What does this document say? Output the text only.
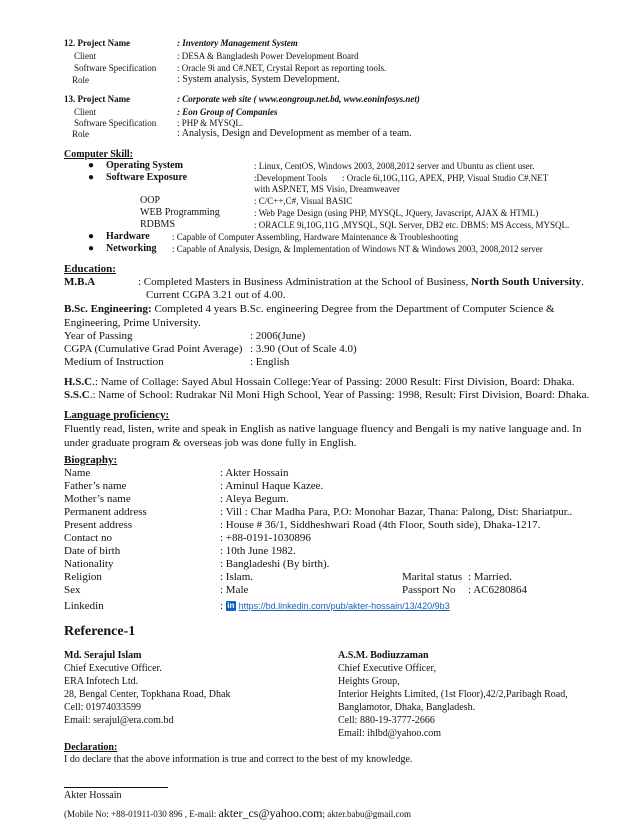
12. Project Name	: Inventory Management System
Client	: DESA & Bangladesh Power Development Board
Software Specification : Oracle 9i and C#.NET, Crystal Report as reporting tools.
Role	: System analysis, System Development.
13. Project Name	: Corporate web site ( www.eongroup.net.bd, www.eoninfosys.net)
Client	: Eon Group of Companies
Software Specification : PHP & MYSQL.
Role	: Analysis, Design and Development as member of a team.
Computer Skill:
● Operating System	: Linux, CentOS, Windows 2003, 2008,2012 server and Ubuntu as client user.
● Software Exposure	:Development Tools : Oracle 6i,10G,11G, APEX, PHP, Visual Studio C#.NET
with ASP.NET, MS Visio, Dreamweaver
OOP	: C/C++,C#, Visual BASIC
WEB Programming	: Web Page Design (using PHP, MYSQL, JQuery, Javascript, AJAX & HTML)
RDBMS	: ORACLE 9i,10G,11G ,MYSQL, SQL Server, DB2 etc. DBMS: MS Access, MYSQL.
● Hardware : Capable of Computer Assembling, Hardware Maintenance & Troubleshooting
● Networking : Capable of Analysis, Design, & Implementation of Windows NT & Windows 2003, 2008,2012 server
Education:
M.B.A	: Completed Masters in Business Administration at the School of Business, North South University.
Current CGPA 3.21 out of 4.00.
B.Sc. Engineering: Completed 4 years B.Sc. engineering Degree from the Department of Computer Science & Engineering, Prime University.
Year of Passing	: 2006(June)
CGPA (Cumulative Grad Point Average) : 3.90 (Out of Scale 4.0)
Medium of Instruction	: English
H.S.C.: Name of Collage: Sayed Abul Hossain College:Year of Passing: 2000 Result: First Division, Board: Dhaka.
S.S.C.: Name of School: Rudrakar Nil Moni High School, Year of Passing: 1998, Result: First Division, Board: Dhaka.
Language proficiency:
Fluently read, listen, write and speak in English as native language fluency and Bengali is my native language and. In under graduate program & overseas job was done fully in English.
Biography:
Name	: Akter Hossain
Father’s name	: Aminul Haque Kazee.
Mother’s name	: Aleya Begum.
Permanent address	: Vill : Char Madha Para, P.O: Monohar Bazar, Thana: Palong, Dist: Shariatpur..
Present address	: House # 36/1, Siddheshwari Road (4th Floor, South side), Dhaka-1217.
Contact no	: +88-0191-1030896
Date of birth	: 10th June 1982.
Nationality	: Bangladeshi (By birth).
Religion	: Islam.
Sex	: Male
Marital status : Married.
Passport No : AC6280864
Linkedin	: in https://bd.linkedin.com/pub/akter-hossain/13/420/9b3
Reference-1
Md. Serajul Islam
Chief Executive Officer.
ERA Infotech Ltd.
28, Bengal Center, Topkhana Road, Dhak
Cell: 01974033599
Email: serajul@era.com.bd
A.S.M. Bodiuzzaman
Chief Executive Officer,
Heights Group,
Interior Heights Limited, (1st Floor),42/2,Paribagh Road,
Banglamotor, Dhaka, Bangladesh.
Cell: 880-19-3777-2666
Email: ihlbd@yahoo.com
Declaration:
I do declare that the above information is true and correct to the best of my knowledge.
Akter Hossain
(Mobile No: +88-01911-030 896 , E-mail: akter_cs@yahoo.com; akter.babu@gmail.com
